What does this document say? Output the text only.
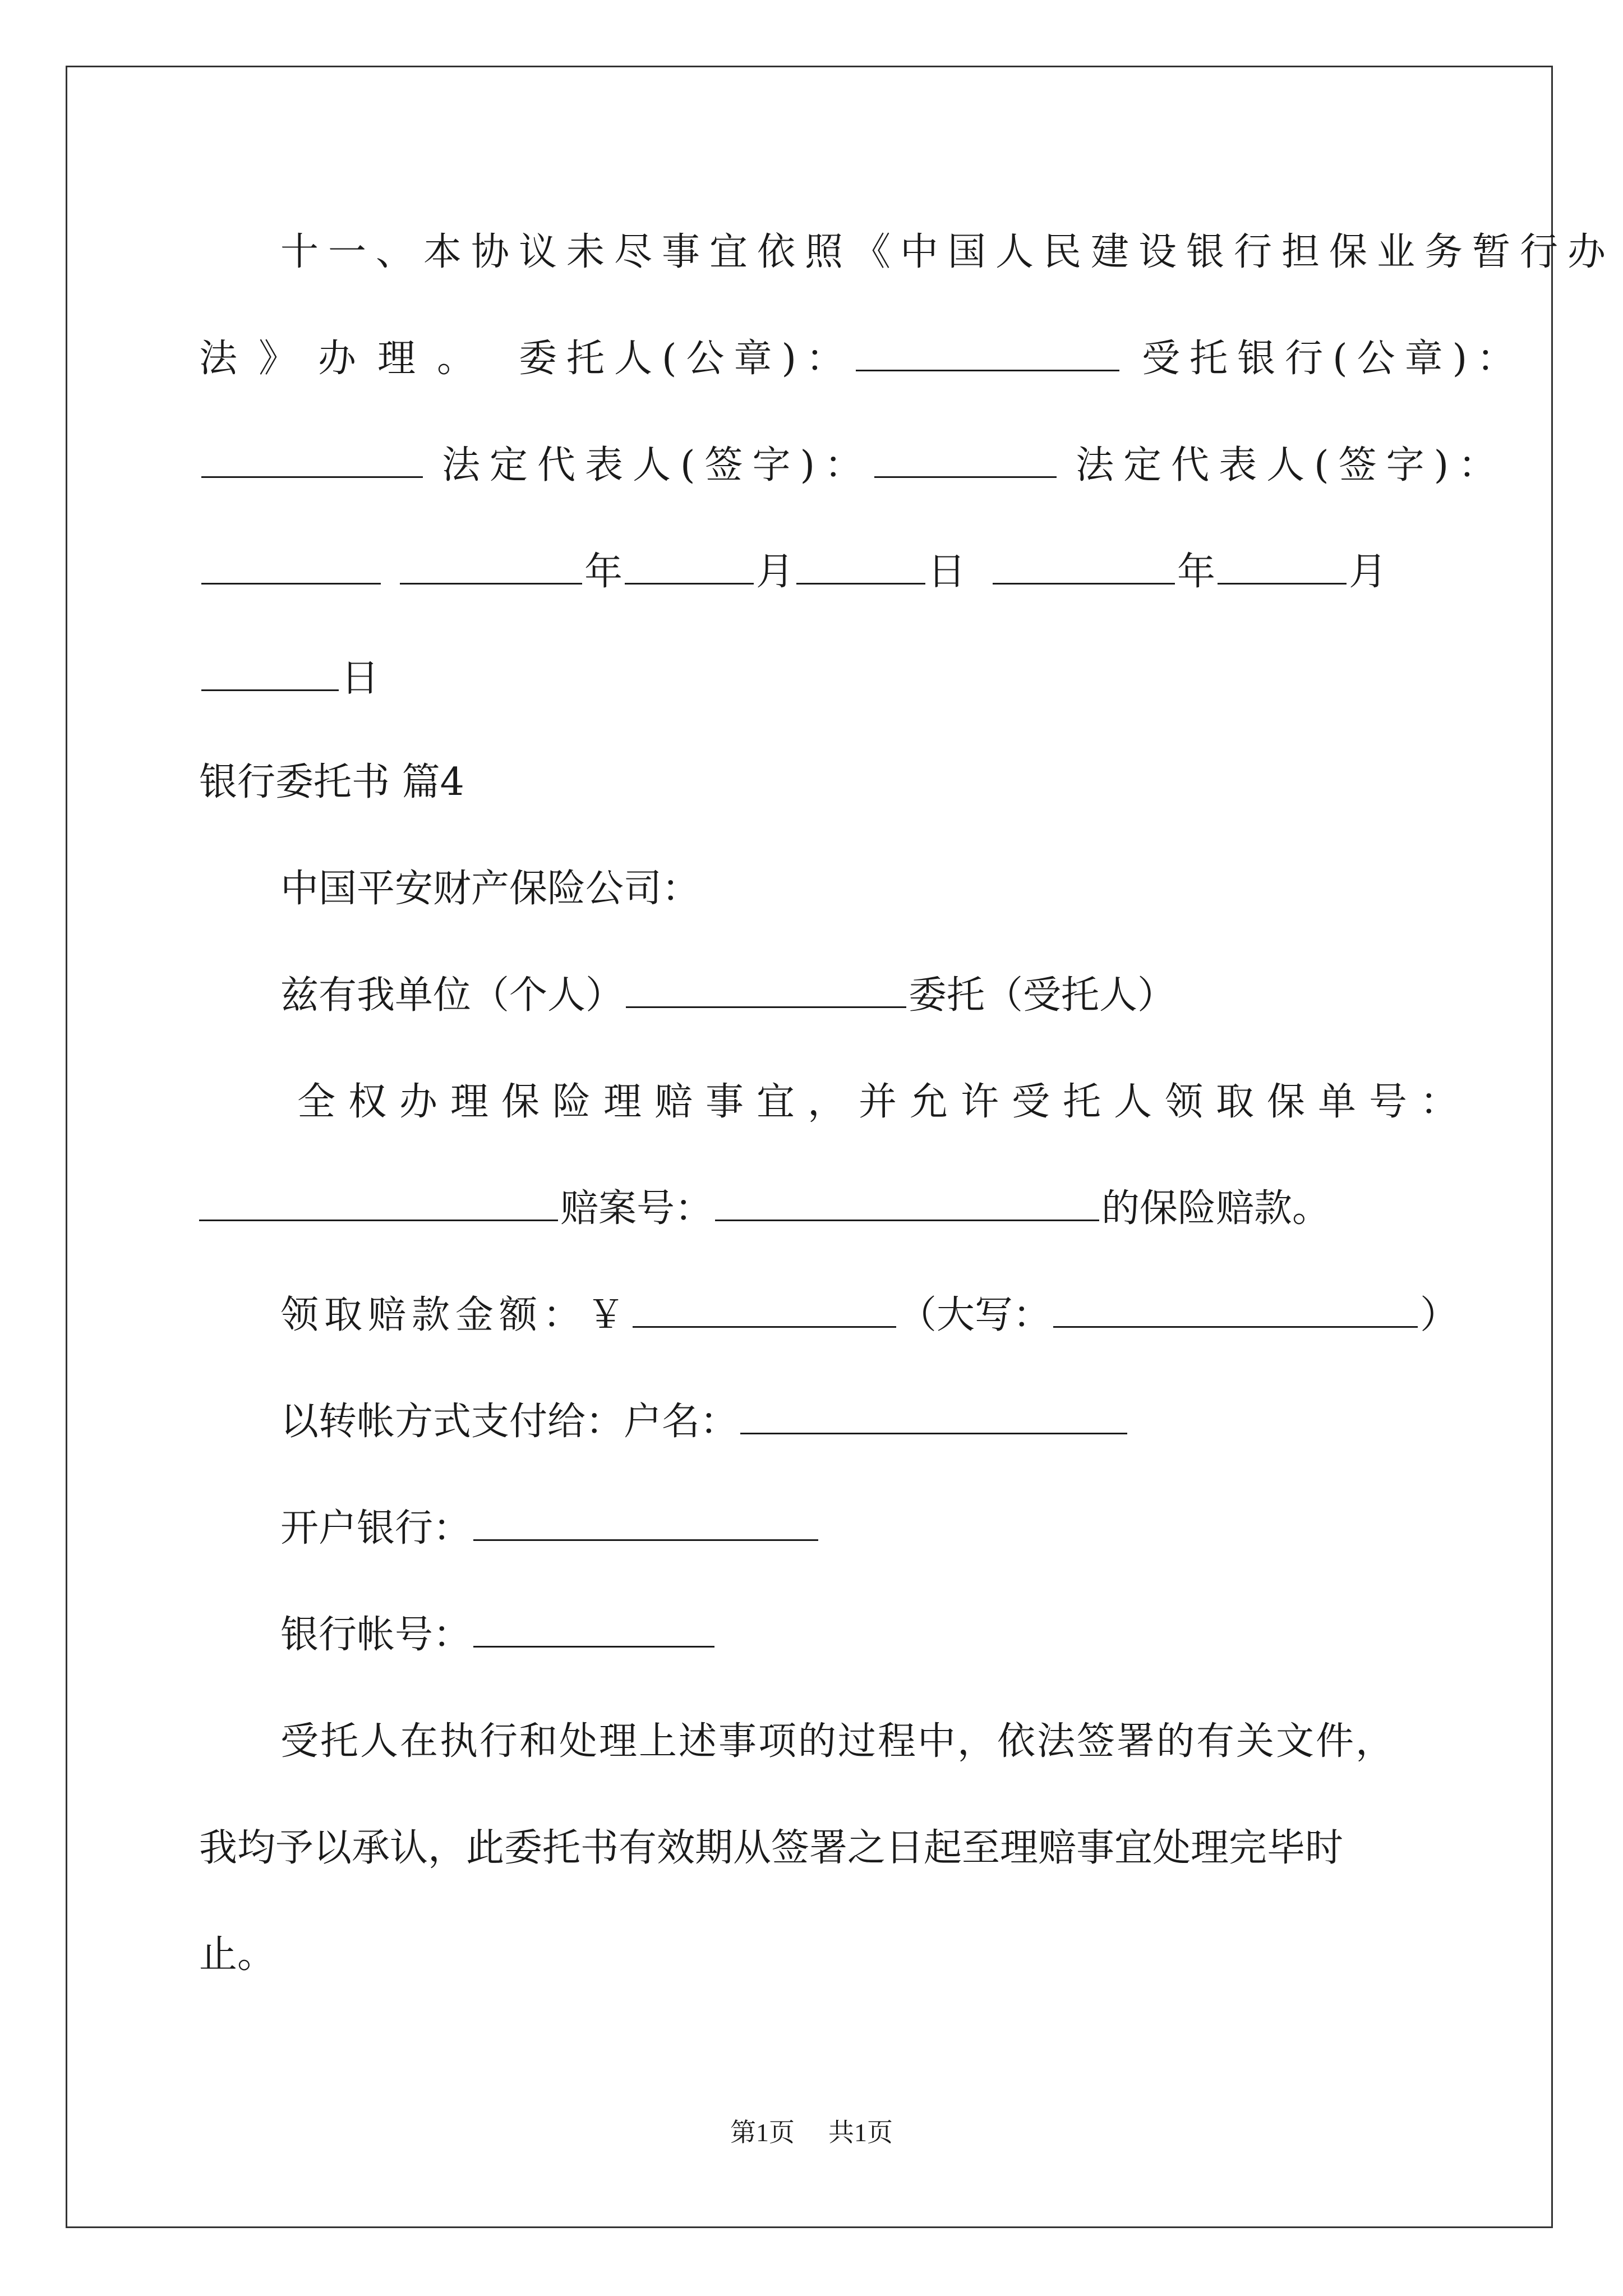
十一、本协议未尽事宜依照《中国人民建设银行担保业务暂行办
法》办理。 委托人(公章)：	受托银行(公章)：
法定代表人(签字)：	法定代表人(签字)：
年	月	日	年	月
日
银行委托书 篇4
中国平安财产保险公司：
兹有我单位（个人）	委托（受托人）
全权办理保险理赔事宜，并允许受托人领取保单号：
赔案号：	的保险赔款。
领取赔款金额：￥	（大写：	）
以转帐方式支付给：户名：
开户银行：
银行帐号：
受托人在执行和处理上述事项的过程中，依法签署的有关文件，
我均予以承认，此委托书有效期从签署之日起至理赔事宜处理完毕时
止。
第1页 共1页
